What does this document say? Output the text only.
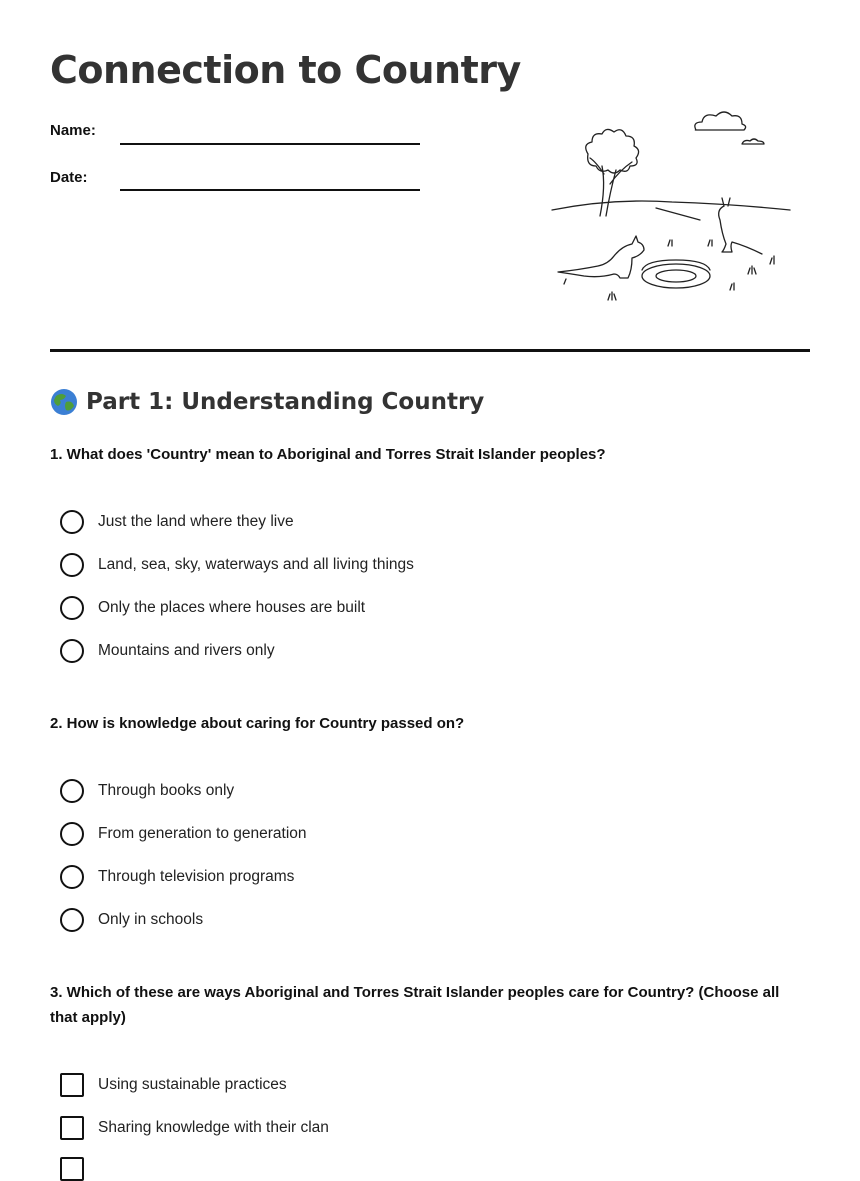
Connection to Country
Name:
Date:
Part 1: Understanding Country
1. What does 'Country' mean to Aboriginal and Torres Strait Islander peoples?
Just the land where they live
Land, sea, sky, waterways and all living things
Only the places where houses are built
Mountains and rivers only
2. How is knowledge about caring for Country passed on?
Through books only
From generation to generation
Through television programs
Only in schools
3. Which of these are ways Aboriginal and Torres Strait Islander peoples care for Country? (Choose all that apply)
Using sustainable practices
Sharing knowledge with their clan
